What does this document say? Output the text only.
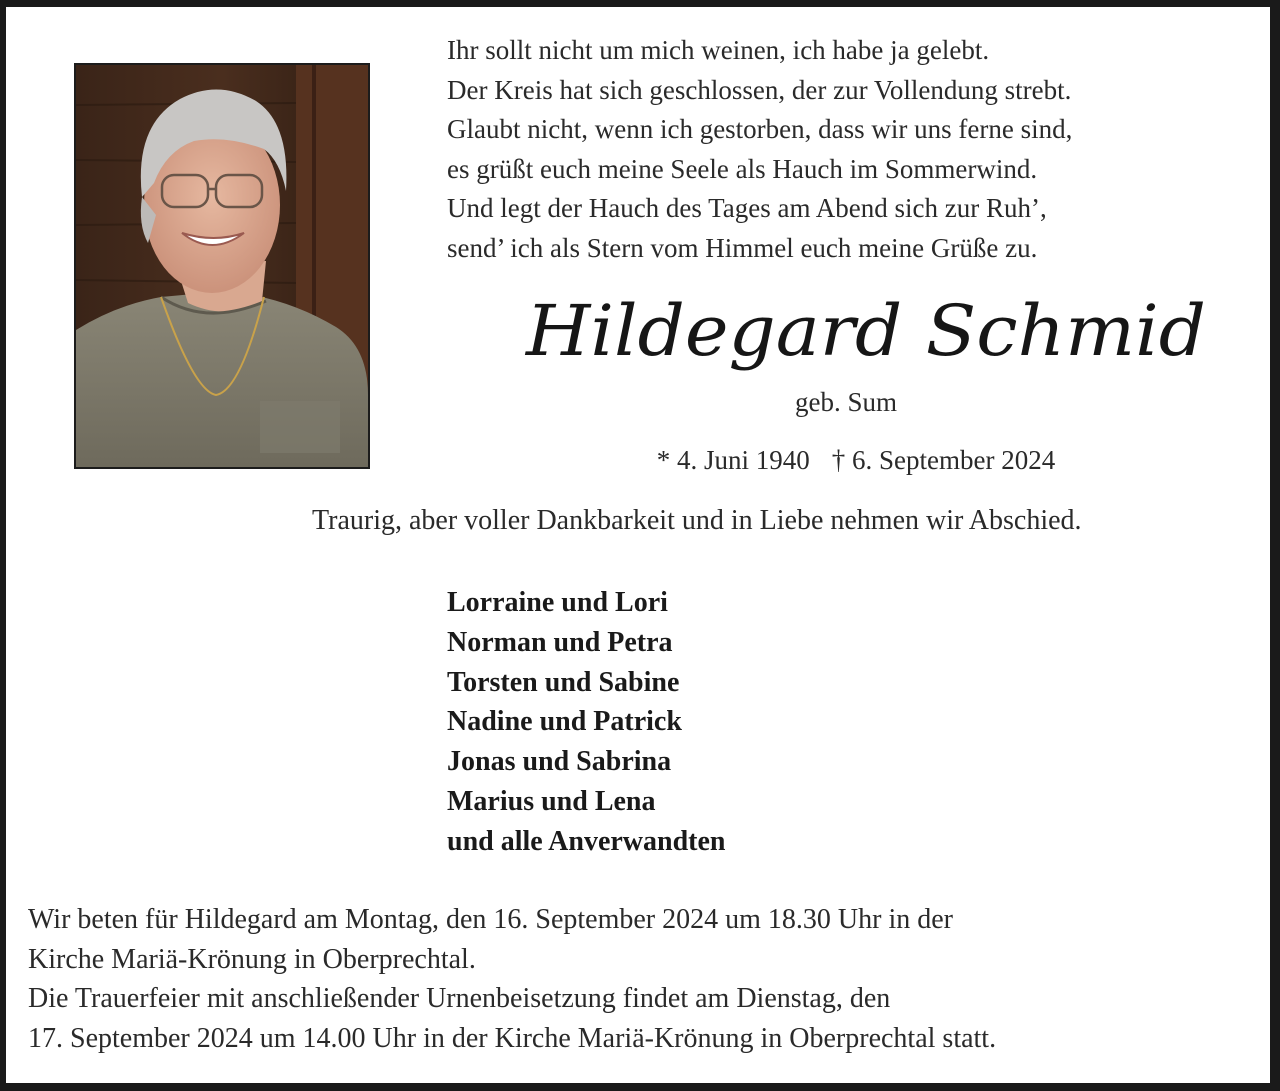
Ihr sollt nicht um mich weinen, ich habe ja gelebt.
Der Kreis hat sich geschlossen, der zur Vollendung strebt.
Glaubt nicht, wenn ich gestorben, dass wir uns ferne sind,
es grüßt euch meine Seele als Hauch im Sommerwind.
Und legt der Hauch des Tages am Abend sich zur Ruh’,
send’ ich als Stern vom Himmel euch meine Grüße zu.
Hildegard Schmid
geb. Sum
* 4. Juni 1940 † 6. September 2024
Traurig, aber voller Dankbarkeit und in Liebe nehmen wir Abschied.
Lorraine und Lori
Norman und Petra
Torsten und Sabine
Nadine und Patrick
Jonas und Sabrina
Marius und Lena
und alle Anverwandten
Wir beten für Hildegard am Montag, den 16. September 2024 um 18.30 Uhr in der
Kirche Mariä-Krönung in Oberprechtal.
Die Trauerfeier mit anschließender Urnenbeisetzung findet am Dienstag, den
17. September 2024 um 14.00 Uhr in der Kirche Mariä-Krönung in Oberprechtal statt.
